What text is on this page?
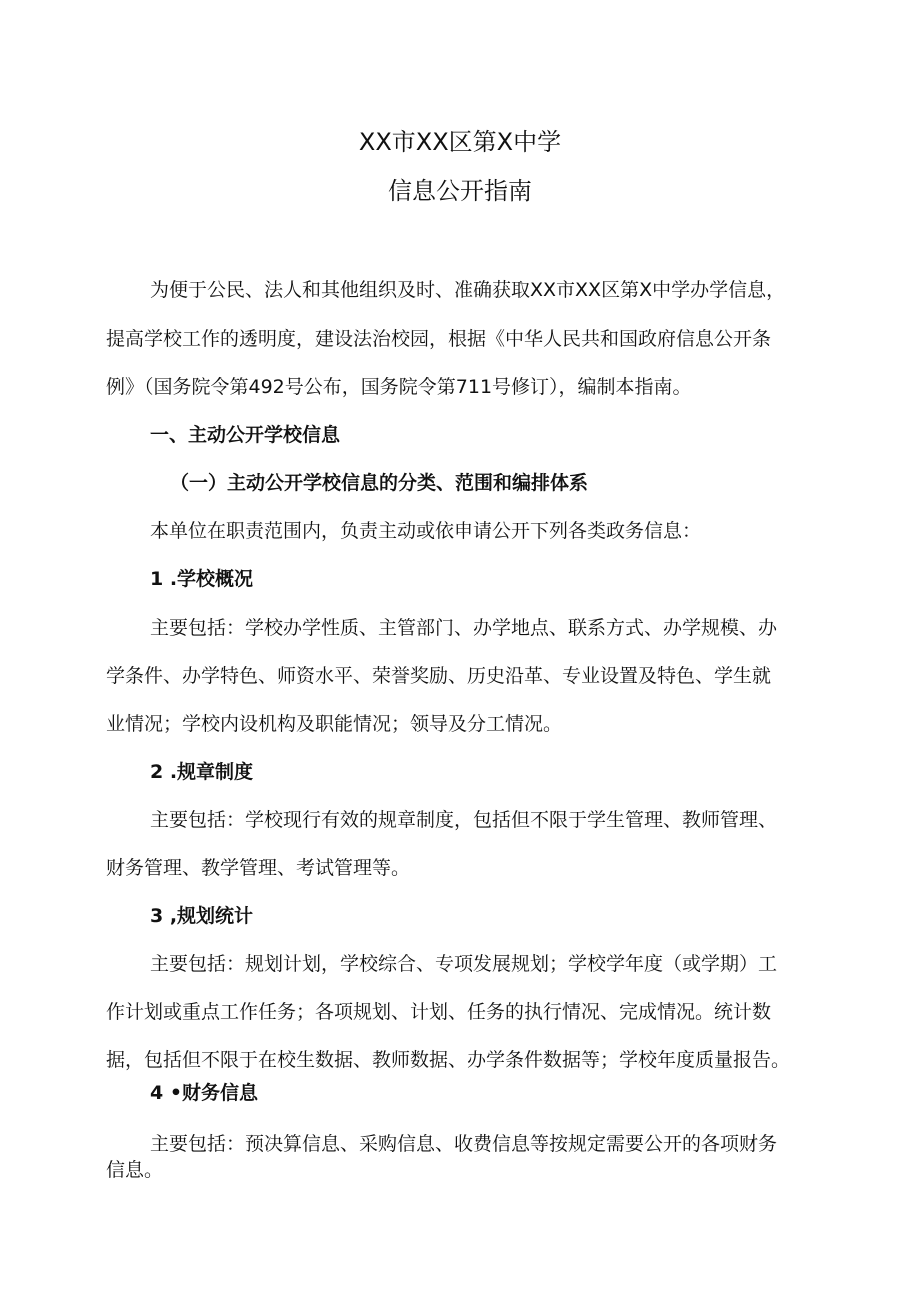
XX市XX区第X中学
信息公开指南
为便于公民、法人和其他组织及时、准确获取XX市XX区第X中学办学信息，
提高学校工作的透明度，建设法治校园，根据《中华人民共和国政府信息公开条
例》（国务院令第492号公布，国务院令第711号修订），编制本指南。
一、主动公开学校信息
（一）主动公开学校信息的分类、范围和编排体系
本单位在职责范围内，负责主动或依申请公开下列各类政务信息：
1 .学校概况
主要包括：学校办学性质、主管部门、办学地点、联系方式、办学规模、办
学条件、办学特色、师资水平、荣誉奖励、历史沿革、专业设置及特色、学生就
业情况；学校内设机构及职能情况；领导及分工情况。
2 .规章制度
主要包括：学校现行有效的规章制度，包括但不限于学生管理、教师管理、
财务管理、教学管理、考试管理等。
3 ,规划统计
主要包括：规划计划，学校综合、专项发展规划；学校学年度（或学期）工
作计划或重点工作任务；各项规划、计划、任务的执行情况、完成情况。统计数
据，包括但不限于在校生数据、教师数据、办学条件数据等；学校年度质量报告。
4 •财务信息
主要包括：预决算信息、采购信息、收费信息等按规定需要公开的各项财务
信息。
